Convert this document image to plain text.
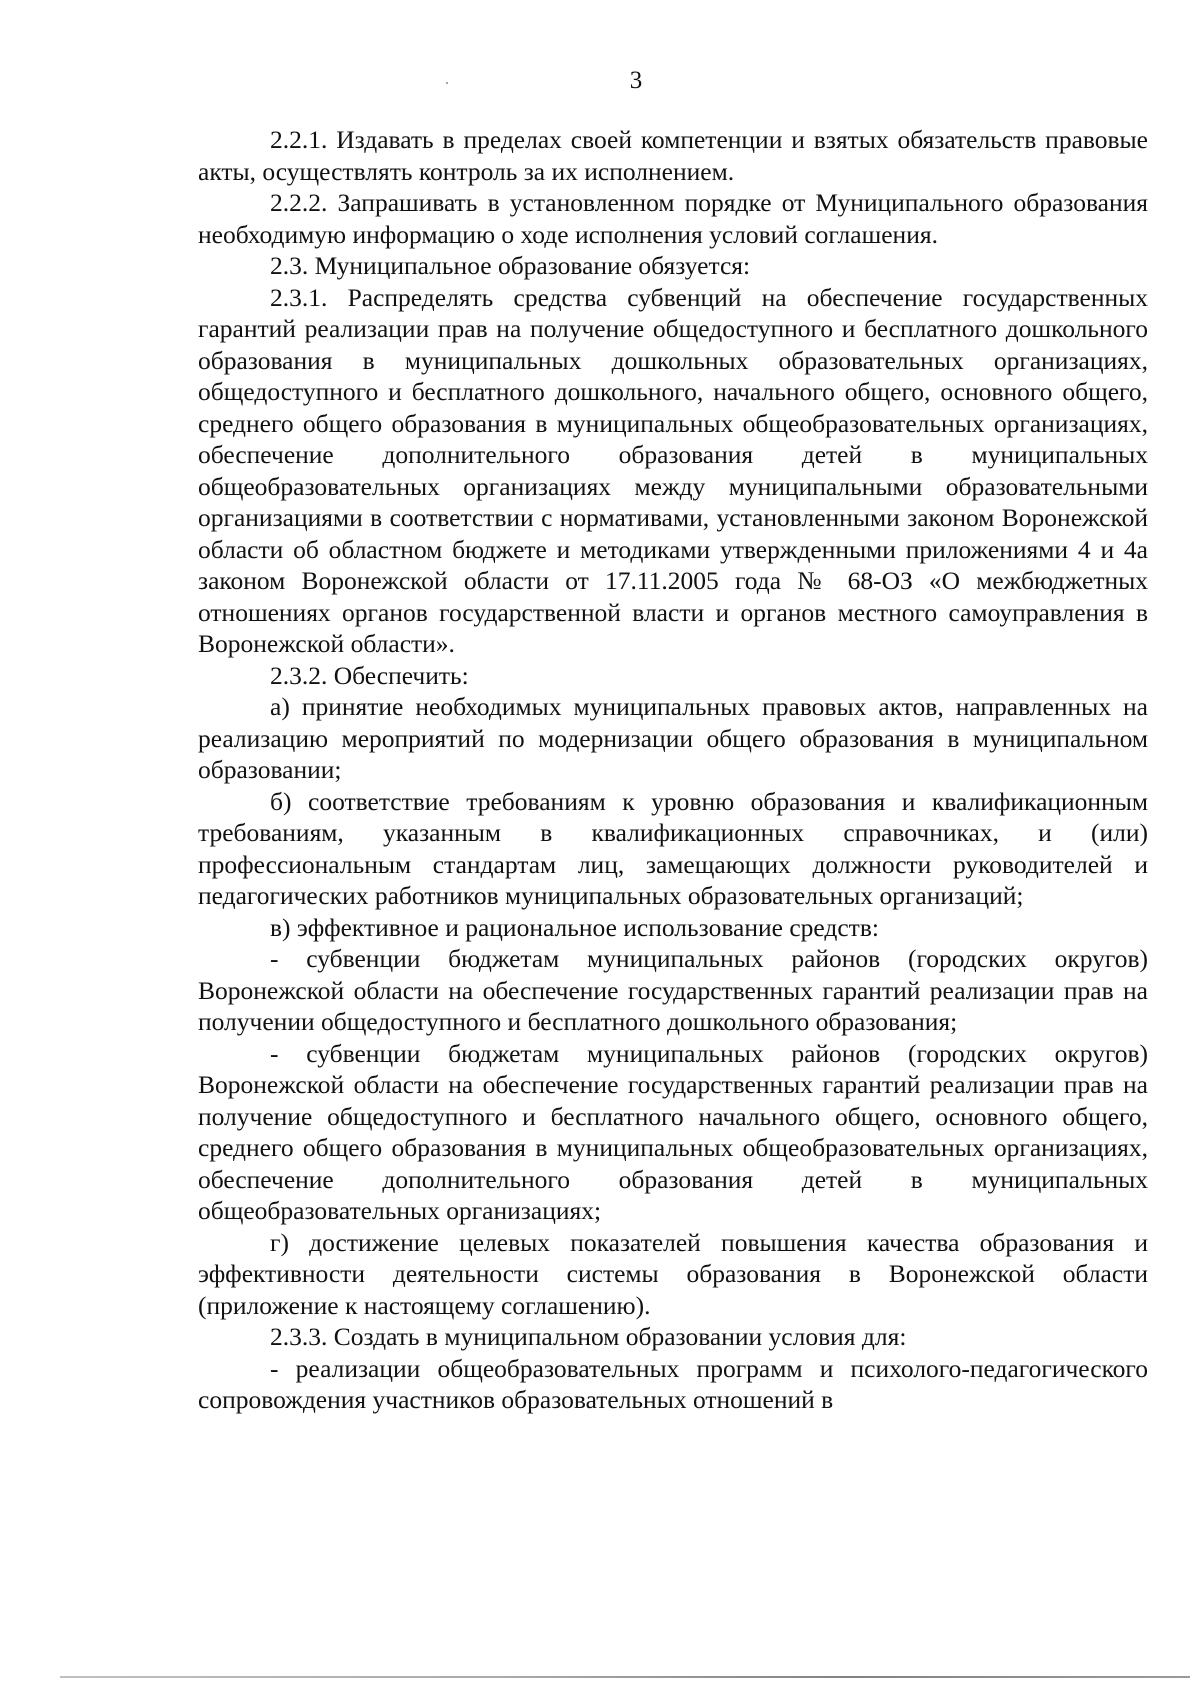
3

2.2.1. Издавать в пределах своей компетенции и взятых обязательств правовые акты, осуществлять контроль за их исполнением.

2.2.2. Запрашивать в установленном порядке от Муниципального образования необходимую информацию о ходе исполнения условий соглашения.

2.3. Муниципальное образование обязуется:

2.3.1. Распределять средства субвенций на обеспечение государственных гарантий реализации прав на получение общедоступного и бесплатного дошкольного образования в муниципальных дошкольных образовательных организациях, общедоступного и бесплатного дошкольного, начального общего, основного общего, среднего общего образования в муниципальных общеобразовательных организациях, обеспечение дополнительного образования детей в муниципальных общеобразовательных организациях между муниципальными образовательными организациями в соответствии с нормативами, установленными законом Воронежской области об областном бюджете и методиками утвержденными приложениями 4 и 4а законом Воронежской области от 17.11.2005 года № 68-ОЗ «О межбюджетных отношениях органов государственной власти и органов местного самоуправления в Воронежской области».

2.3.2. Обеспечить:

а) принятие необходимых муниципальных правовых актов, направленных на реализацию мероприятий по модернизации общего образования в муниципальном образовании;

б) соответствие требованиям к уровню образования и квалификационным требованиям, указанным в квалификационных справочниках, и (или) профессиональным стандартам лиц, замещающих должности руководителей и педагогических работников муниципальных образовательных организаций;

в) эффективное и рациональное использование средств:

- субвенции бюджетам муниципальных районов (городских округов) Воронежской области на обеспечение государственных гарантий реализации прав на получении общедоступного и бесплатного дошкольного образования;

- субвенции бюджетам муниципальных районов (городских округов) Воронежской области на обеспечение государственных гарантий реализации прав на получение общедоступного и бесплатного начального общего, основного общего, среднего общего образования в муниципальных общеобразовательных организациях, обеспечение дополнительного образования детей в муниципальных общеобразовательных организациях;

г) достижение целевых показателей повышения качества образования и эффективности деятельности системы образования в Воронежской области (приложение к настоящему соглашению).

2.3.3. Создать в муниципальном образовании условия для:

- реализации общеобразовательных программ и психолого-педагогического сопровождения участников образовательных отношений в
